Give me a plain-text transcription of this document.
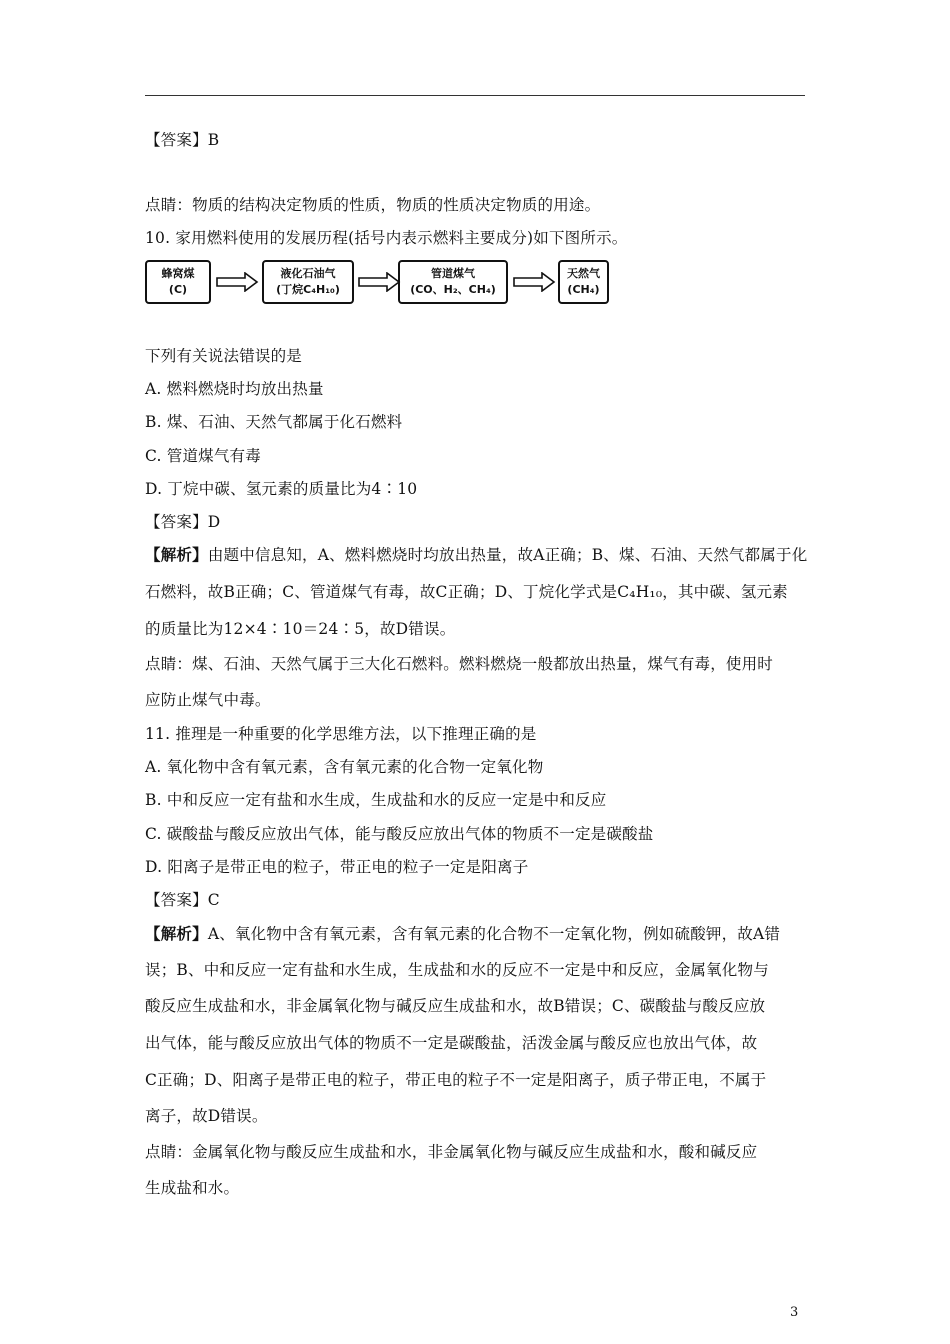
【答案】B
点睛：物质的结构决定物质的性质，物质的性质决定物质的用途。
10. 家用燃料使用的发展历程(括号内表示燃料主要成分)如下图所示。
蜂窝煤
(C)
液化石油气
(丁烷C₄H₁₀)
管道煤气
(CO、H₂、CH₄)
天然气
(CH₄)
下列有关说法错误的是
A. 燃料燃烧时均放出热量
B. 煤、石油、天然气都属于化石燃料
C. 管道煤气有毒
D. 丁烷中碳、氢元素的质量比为4∶10
【答案】D
【解析】由题中信息知，A、燃料燃烧时均放出热量，故A正确；B、煤、石油、天然气都属于化
石燃料，故B正确；C、管道煤气有毒，故C正确；D、丁烷化学式是C₄H₁₀，其中碳、氢元素
的质量比为12×4∶10＝24∶5，故D错误。
点睛：煤、石油、天然气属于三大化石燃料。燃料燃烧一般都放出热量，煤气有毒，使用时
应防止煤气中毒。
11. 推理是一种重要的化学思维方法，以下推理正确的是
A. 氧化物中含有氧元素，含有氧元素的化合物一定氧化物
B. 中和反应一定有盐和水生成，生成盐和水的反应一定是中和反应
C. 碳酸盐与酸反应放出气体，能与酸反应放出气体的物质不一定是碳酸盐
D. 阳离子是带正电的粒子，带正电的粒子一定是阳离子
【答案】C
【解析】A、氧化物中含有氧元素，含有氧元素的化合物不一定氧化物，例如硫酸钾，故A错
误；B、中和反应一定有盐和水生成，生成盐和水的反应不一定是中和反应，金属氧化物与
酸反应生成盐和水，非金属氧化物与碱反应生成盐和水，故B错误；C、碳酸盐与酸反应放
出气体，能与酸反应放出气体的物质不一定是碳酸盐，活泼金属与酸反应也放出气体，故
C正确；D、阳离子是带正电的粒子，带正电的粒子不一定是阳离子，质子带正电，不属于
离子，故D错误。
点睛：金属氧化物与酸反应生成盐和水，非金属氧化物与碱反应生成盐和水，酸和碱反应
生成盐和水。
3
